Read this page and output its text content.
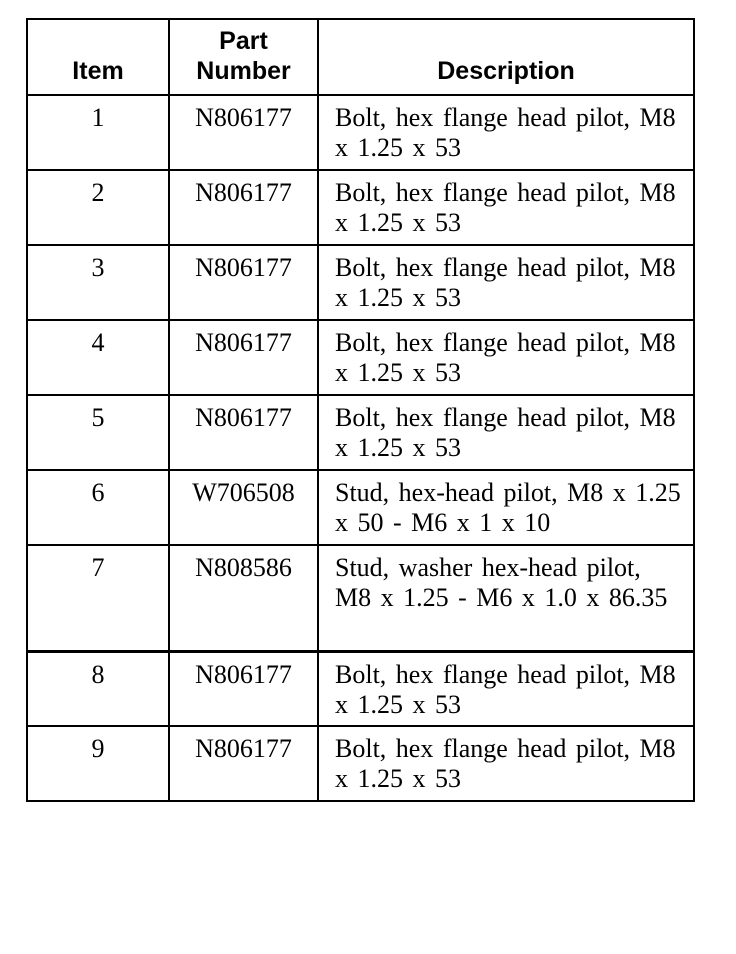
Item	Part Number	Description
1	N806177	Bolt, hex flange head pilot, M8 x 1.25 x 53
2	N806177	Bolt, hex flange head pilot, M8 x 1.25 x 53
3	N806177	Bolt, hex flange head pilot, M8 x 1.25 x 53
4	N806177	Bolt, hex flange head pilot, M8 x 1.25 x 53
5	N806177	Bolt, hex flange head pilot, M8 x 1.25 x 53
6	W706508	Stud, hex-head pilot, M8 x 1.25 x 50 - M6 x 1 x 10
7	N808586	Stud, washer hex-head pilot, M8 x 1.25 - M6 x 1.0 x 86.35
8	N806177	Bolt, hex flange head pilot, M8 x 1.25 x 53
9	N806177	Bolt, hex flange head pilot, M8 x 1.25 x 53
